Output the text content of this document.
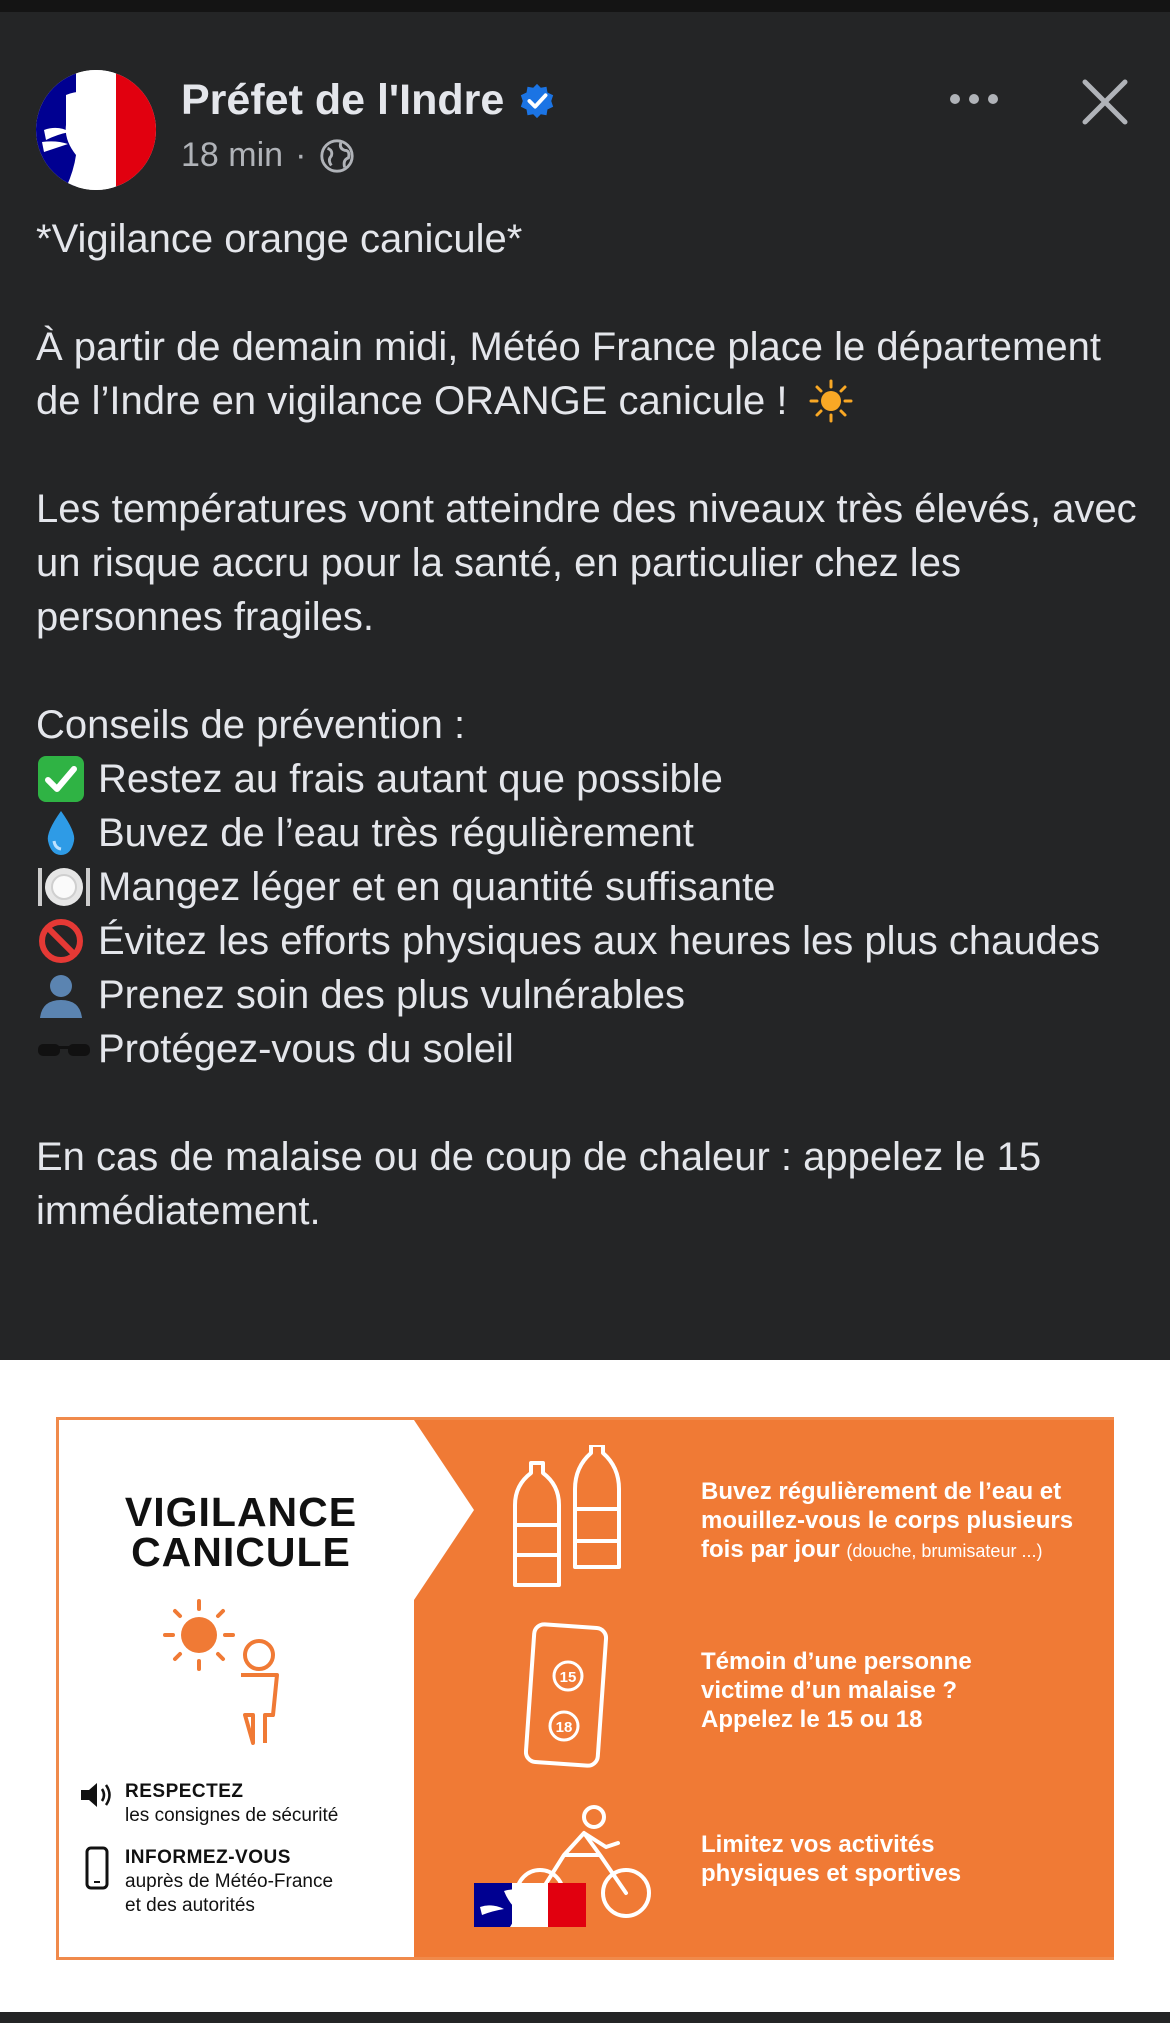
Préfet de l'Indre
18 min ·

*Vigilance orange canicule*

À partir de demain midi, Météo France place le département de l’Indre en vigilance ORANGE canicule !

Les températures vont atteindre des niveaux très élevés, avec un risque accru pour la santé, en particulier chez les personnes fragiles.

Conseils de prévention :

Restez au frais autant que possible
Buvez de l’eau très régulièrement
Mangez léger et en quantité suffisante
Évitez les efforts physiques aux heures les plus chaudes
Prenez soin des plus vulnérables
Protégez-vous du soleil

En cas de malaise ou de coup de chaleur : appelez le 15 immédiatement.

VIGILANCE
CANICULE
RESPECTEZ
les consignes de sécurité
INFORMEZ-VOUS
auprès de Météo-France
et des autorités
15
18
Buvez régulièrement de l’eau et
mouillez-vous le corps plusieurs
fois par jour (douche, brumisateur ...)
Témoin d’une personne
victime d’un malaise ?
Appelez le 15 ou 18
Limitez vos activités
physiques et sportives
